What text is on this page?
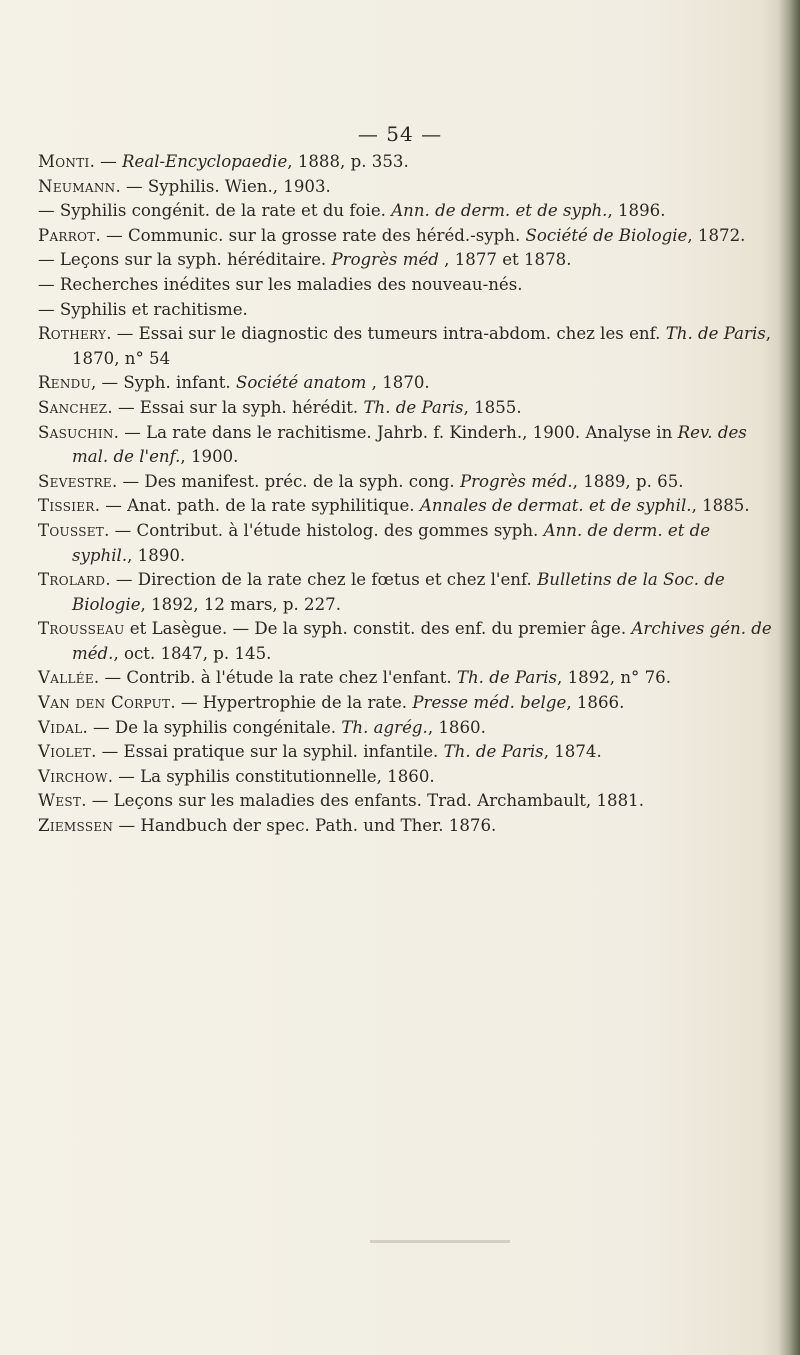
— 54 —
Monti. — Real-Encyclopaedie, 1888, p. 353.
Neumann. — Syphilis. Wien., 1903.
— Syphilis congénit. de la rate et du foie. Ann. de derm. et de syph., 1896.
Parrot. — Communic. sur la grosse rate des héréd.-syph. Société de Biologie, 1872.
— Leçons sur la syph. héréditaire. Progrès méd , 1877 et 1878.
— Recherches inédites sur les maladies des nouveau-nés.
— Syphilis et rachitisme.
Rothery. — Essai sur le diagnostic des tumeurs intra-abdom. chez les enf. Th. de Paris, 1870, n° 54
Rendu, — Syph. infant. Société anatom , 1870.
Sanchez. — Essai sur la syph. hérédit. Th. de Paris, 1855.
Sasuchin. — La rate dans le rachitisme. Jahrb. f. Kinderh., 1900. Analyse in Rev. des mal. de l'enf., 1900.
Sevestre. — Des manifest. préc. de la syph. cong. Progrès méd., 1889, p. 65.
Tissier. — Anat. path. de la rate syphilitique. Annales de dermat. et de syphil., 1885.
Tousset. — Contribut. à l'étude histolog. des gommes syph. Ann. de derm. et de syphil., 1890.
Trolard. — Direction de la rate chez le fœtus et chez l'enf. Bulletins de la Soc. de Biologie, 1892, 12 mars, p. 227.
Trousseau et Lasègue. — De la syph. constit. des enf. du premier âge. Archives gén. de méd., oct. 1847, p. 145.
Vallée. — Contrib. à l'étude la rate chez l'enfant. Th. de Paris, 1892, n° 76.
Van den Corput. — Hypertrophie de la rate. Presse méd. belge, 1866.
Vidal. — De la syphilis congénitale. Th. agrég., 1860.
Violet. — Essai pratique sur la syphil. infantile. Th. de Paris, 1874.
Virchow. — La syphilis constitutionnelle, 1860.
West. — Leçons sur les maladies des enfants. Trad. Archambault, 1881.
Ziemssen — Handbuch der spec. Path. und Ther. 1876.
